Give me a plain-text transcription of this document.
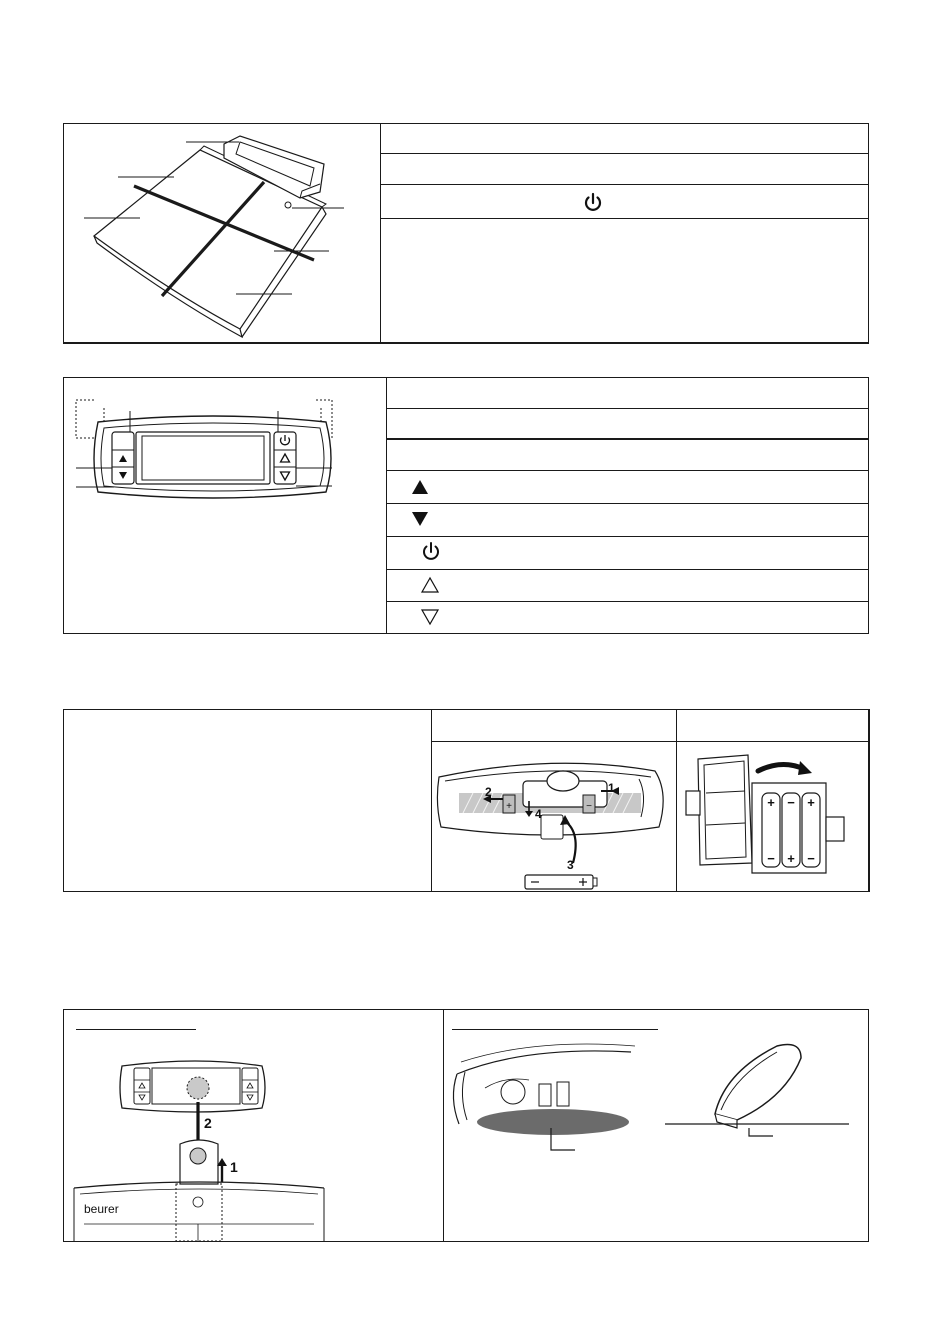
+	−
1
2
3
4
+ − +
− + −
2
1
beurer
